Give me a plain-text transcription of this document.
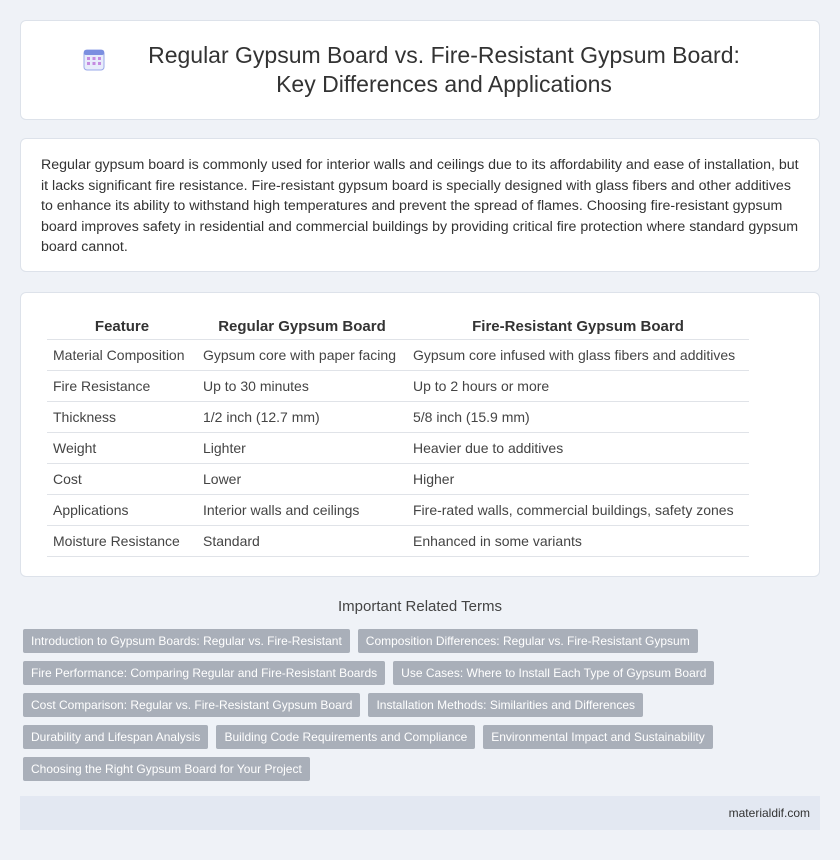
Regular Gypsum Board vs. Fire-Resistant Gypsum Board: Key Differences and Applications

Regular gypsum board is commonly used for interior walls and ceilings due to its affordability and ease of installation, but it lacks significant fire resistance. Fire-resistant gypsum board is specially designed with glass fibers and other additives to enhance its ability to withstand high temperatures and prevent the spread of flames. Choosing fire-resistant gypsum board improves safety in residential and commercial buildings by providing critical fire protection where standard gypsum board cannot.

Feature	Regular Gypsum Board	Fire-Resistant Gypsum Board
Material Composition	Gypsum core with paper facing	Gypsum core infused with glass fibers and additives
Fire Resistance	Up to 30 minutes	Up to 2 hours or more
Thickness	1/2 inch (12.7 mm)	5/8 inch (15.9 mm)
Weight	Lighter	Heavier due to additives
Cost	Lower	Higher
Applications	Interior walls and ceilings	Fire-rated walls, commercial buildings, safety zones
Moisture Resistance	Standard	Enhanced in some variants
Important Related Terms
Introduction to Gypsum Boards: Regular vs. Fire-Resistant	Composition Differences: Regular vs. Fire-Resistant Gypsum
Fire Performance: Comparing Regular and Fire-Resistant Boards	Use Cases: Where to Install Each Type of Gypsum Board
Cost Comparison: Regular vs. Fire-Resistant Gypsum Board	Installation Methods: Similarities and Differences
Durability and Lifespan Analysis	Building Code Requirements and Compliance	Environmental Impact and Sustainability
Choosing the Right Gypsum Board for Your Project
materialdif.com
